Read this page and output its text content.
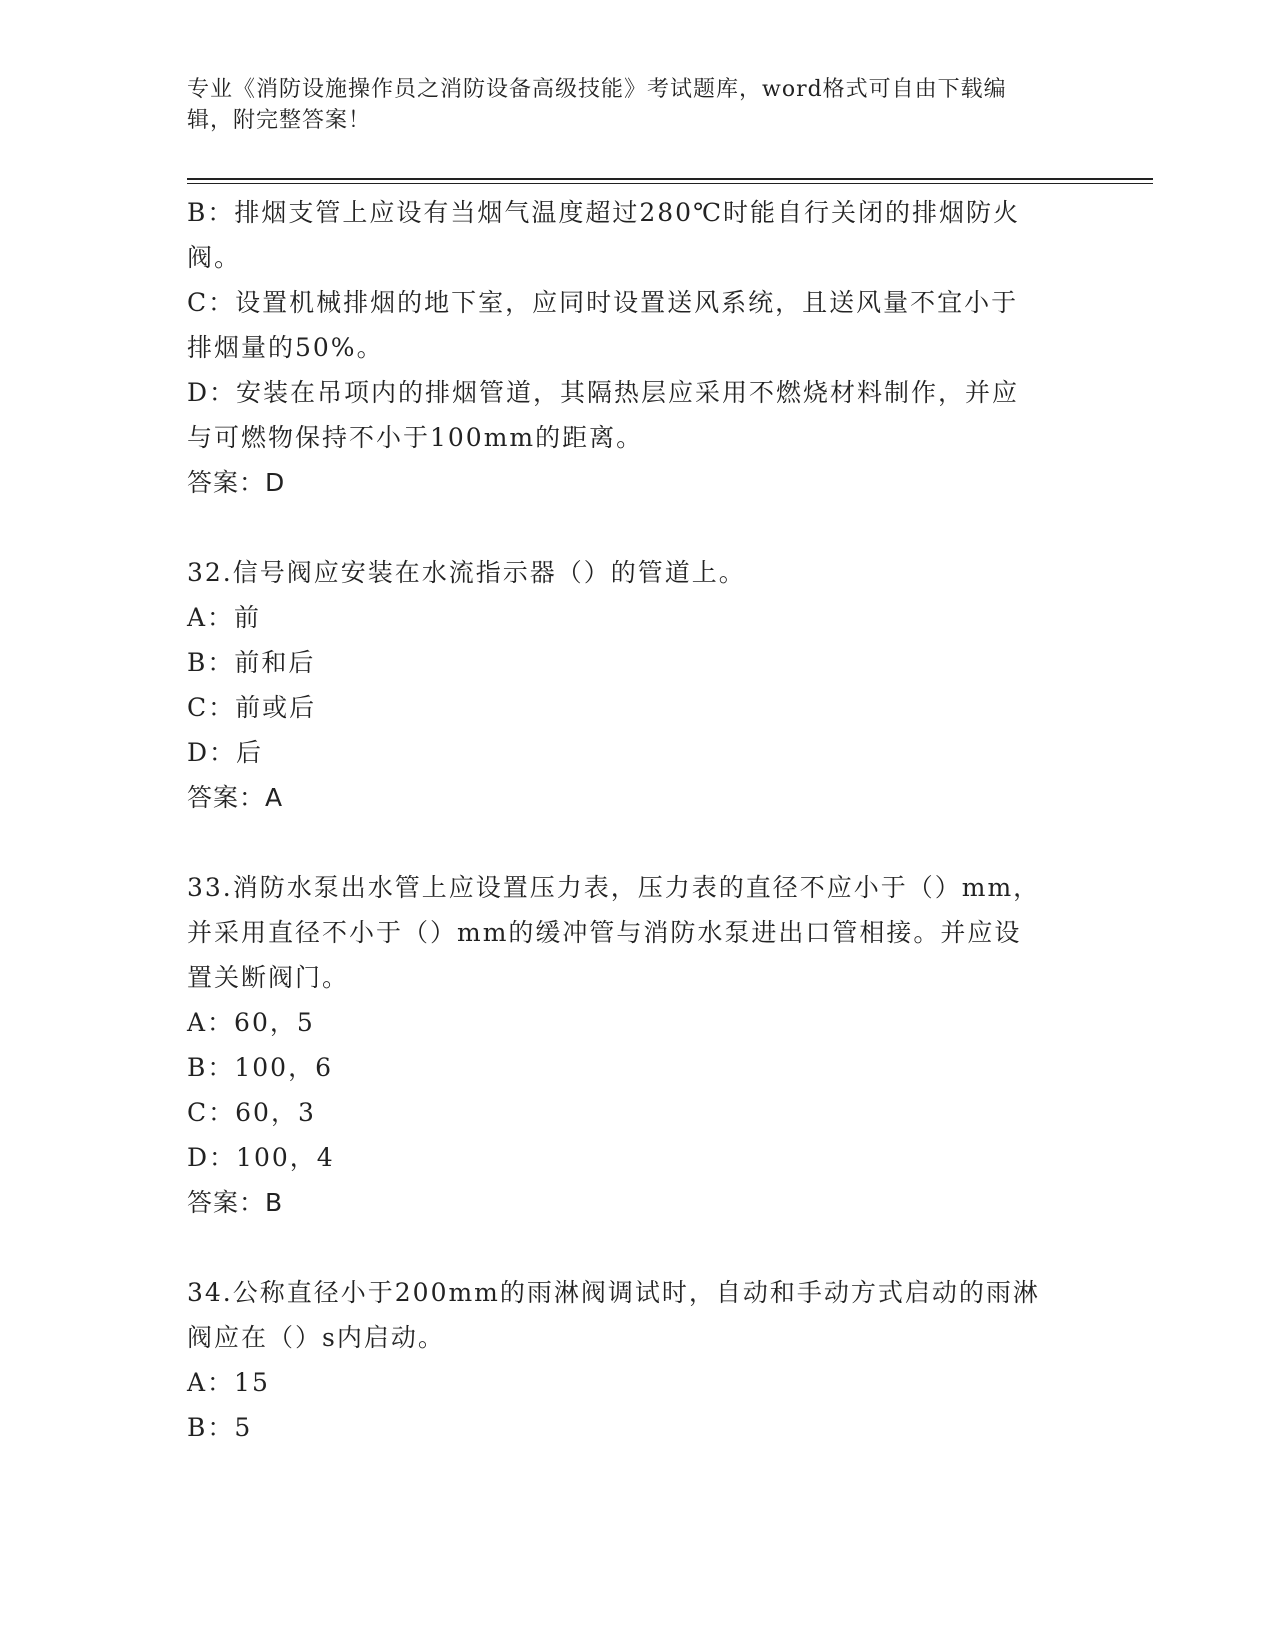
专业《消防设施操作员之消防设备高级技能》考试题库，word格式可自由下载编
辑，附完整答案！
B：排烟支管上应设有当烟气温度超过280℃时能自行关闭的排烟防火
阀。
C：设置机械排烟的地下室，应同时设置送风系统，且送风量不宜小于
排烟量的50%。
D：安装在吊项内的排烟管道，其隔热层应采用不燃烧材料制作，并应
与可燃物保持不小于100mm的距离。
答案：D
32.信号阀应安装在水流指示器（）的管道上。
A：前
B：前和后
C：前或后
D：后
答案：A
33.消防水泵出水管上应设置压力表，压力表的直径不应小于（）mm，
并采用直径不小于（）mm的缓冲管与消防水泵进出口管相接。并应设
置关断阀门。
A：60，5
B：100，6
C：60，3
D：100，4
答案：B
34.公称直径小于200mm的雨淋阀调试时，自动和手动方式启动的雨淋
阀应在（）s内启动。
A：15
B：5
